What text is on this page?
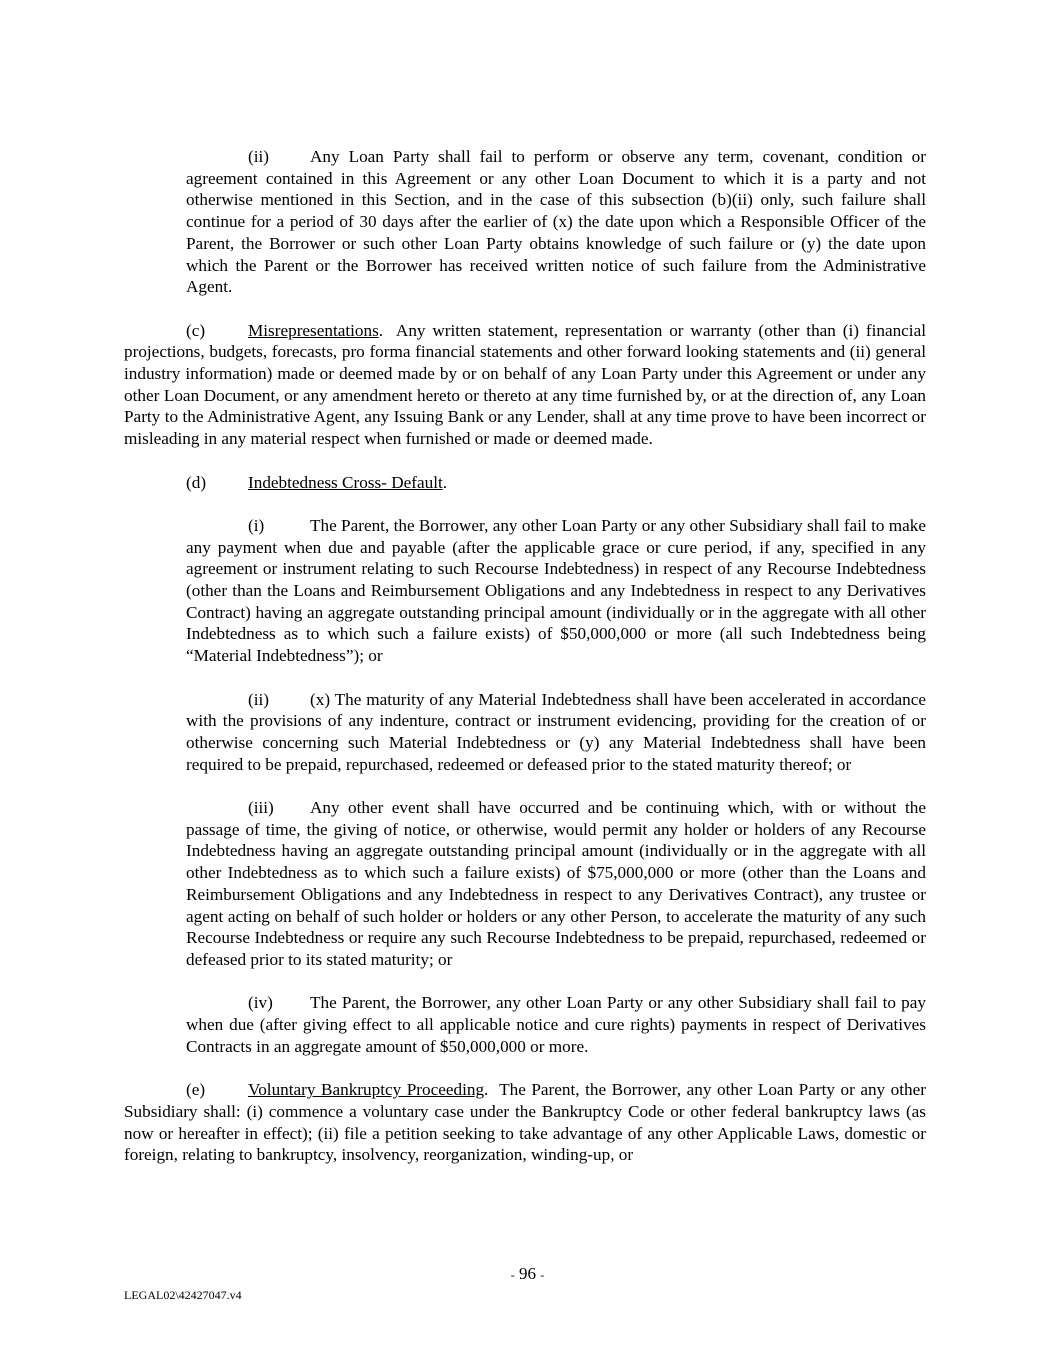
(ii) Any Loan Party shall fail to perform or observe any term, covenant, condition or agreement contained in this Agreement or any other Loan Document to which it is a party and not otherwise mentioned in this Section, and in the case of this subsection (b)(ii) only, such failure shall continue for a period of 30 days after the earlier of (x) the date upon which a Responsible Officer of the Parent, the Borrower or such other Loan Party obtains knowledge of such failure or (y) the date upon which the Parent or the Borrower has received written notice of such failure from the Administrative Agent.

(c) Misrepresentations. Any written statement, representation or warranty (other than (i) financial projections, budgets, forecasts, pro forma financial statements and other forward looking statements and (ii) general industry information) made or deemed made by or on behalf of any Loan Party under this Agreement or under any other Loan Document, or any amendment hereto or thereto at any time furnished by, or at the direction of, any Loan Party to the Administrative Agent, any Issuing Bank or any Lender, shall at any time prove to have been incorrect or misleading in any material respect when furnished or made or deemed made.

(d) Indebtedness Cross- Default.

(i)	The Parent, the Borrower, any other Loan Party or any other Subsidiary shall fail to make any payment when due and payable (after the applicable grace or cure period, if any, specified in any agreement or instrument relating to such Recourse Indebtedness) in respect of any Recourse Indebtedness (other than the Loans and Reimbursement Obligations and any Indebtedness in respect to any Derivatives Contract) having an aggregate outstanding principal amount (individually or in the aggregate with all other Indebtedness as to which such a failure exists) of $50,000,000 or more (all such Indebtedness being “Material Indebtedness”); or

(ii) (x) The maturity of any Material Indebtedness shall have been accelerated in accordance with the provisions of any indenture, contract or instrument evidencing, providing for the creation of or otherwise concerning such Material Indebtedness or (y) any Material Indebtedness shall have been required to be prepaid, repurchased, redeemed or defeased prior to the stated maturity thereof; or

(iii) Any other event shall have occurred and be continuing which, with or without the passage of time, the giving of notice, or otherwise, would permit any holder or holders of any Recourse Indebtedness having an aggregate outstanding principal amount (individually or in the aggregate with all other Indebtedness as to which such a failure exists) of $75,000,000 or more (other than the Loans and Reimbursement Obligations and any Indebtedness in respect to any Derivatives Contract), any trustee or agent acting on behalf of such holder or holders or any other Person, to accelerate the maturity of any such Recourse Indebtedness or require any such Recourse Indebtedness to be prepaid, repurchased, redeemed or defeased prior to its stated maturity; or

(iv) The Parent, the Borrower, any other Loan Party or any other Subsidiary shall fail to pay when due (after giving effect to all applicable notice and cure rights) payments in respect of Derivatives Contracts in an aggregate amount of $50,000,000 or more.

(e) Voluntary Bankruptcy Proceeding. The Parent, the Borrower, any other Loan Party or any other Subsidiary shall: (i) commence a voluntary case under the Bankruptcy Code or other federal bankruptcy laws (as now or hereafter in effect); (ii) file a petition seeking to take advantage of any other Applicable Laws, domestic or foreign, relating to bankruptcy, insolvency, reorganization, winding-up, or

- 96 -
LEGAL02\42427047.v4
